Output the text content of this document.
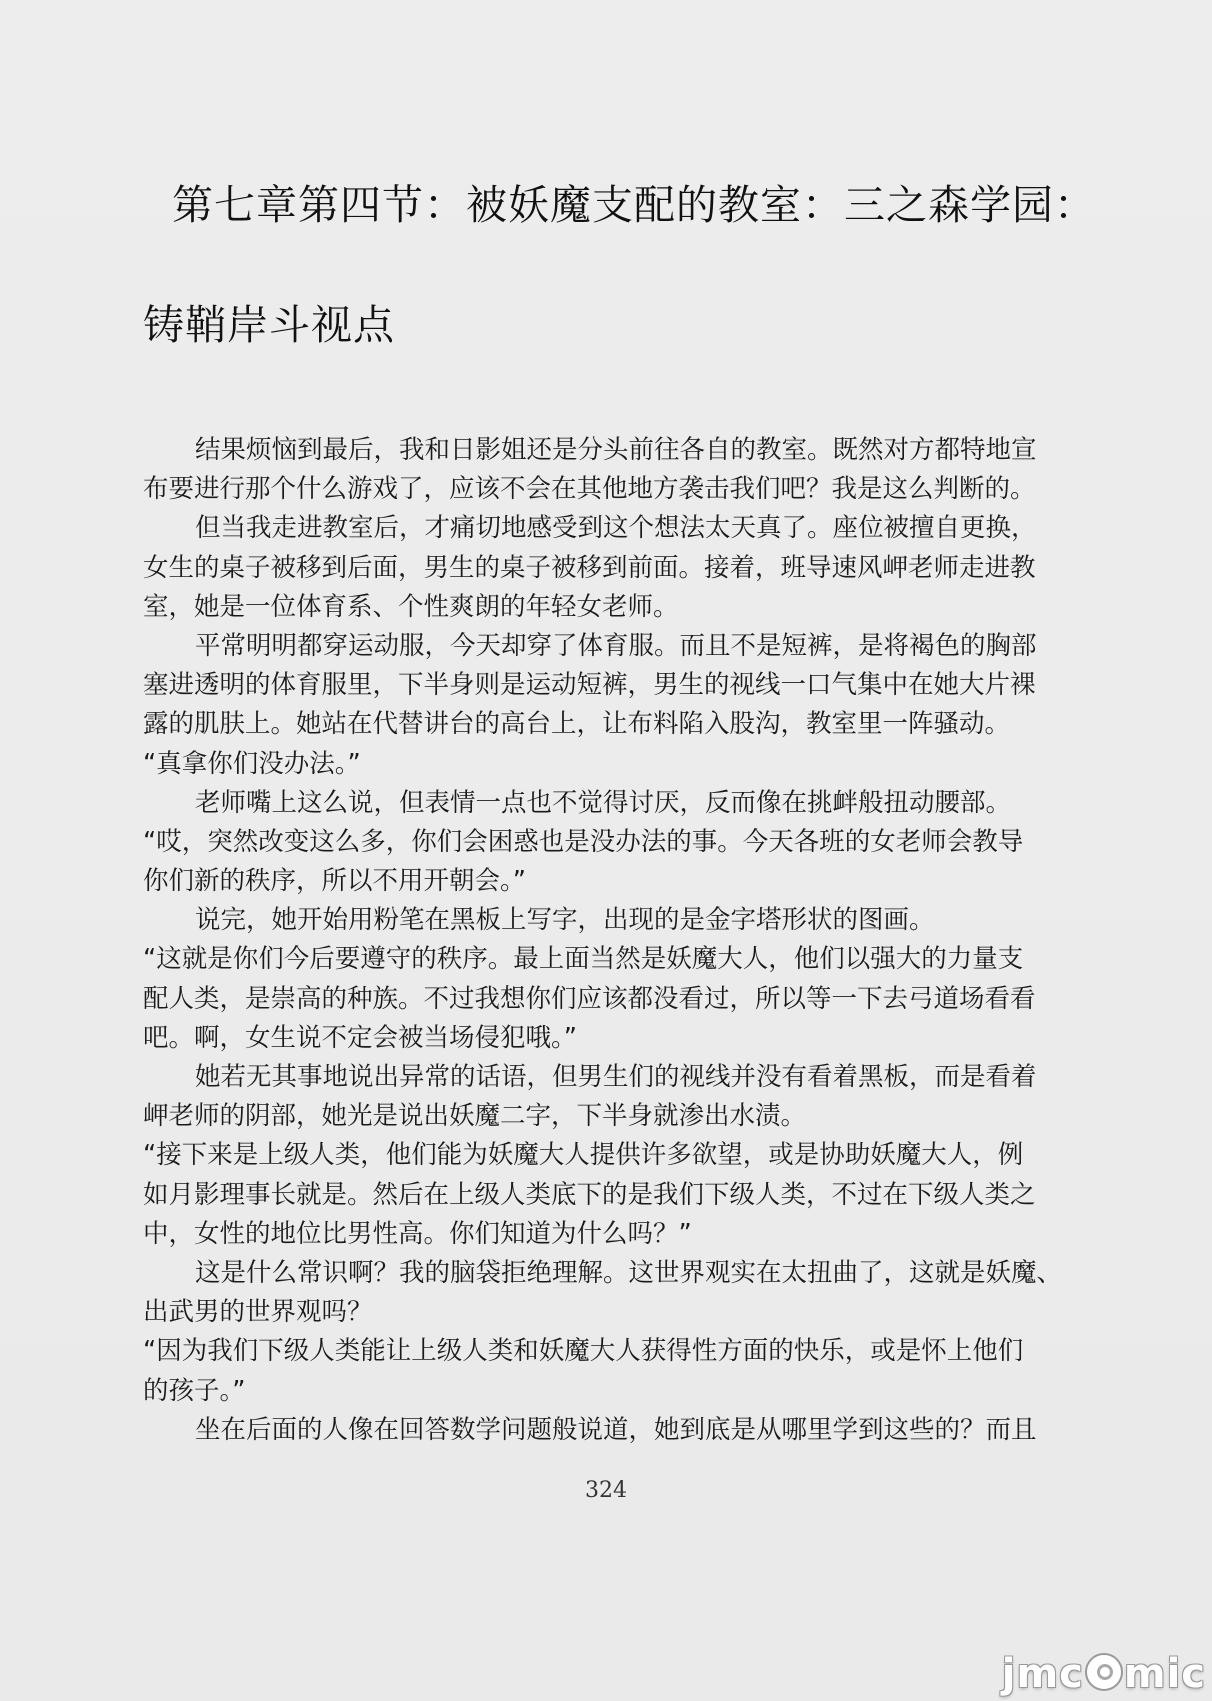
第七章第四节：被妖魔支配的教室：三之森学园：
铸鞘岸斗视点
结果烦恼到最后，我和日影姐还是分头前往各自的教室。既然对方都特地宣
布要进行那个什么游戏了，应该不会在其他地方袭击我们吧？我是这么判断的。
但当我走进教室后，才痛切地感受到这个想法太天真了。座位被擅自更换，
女生的桌子被移到后面，男生的桌子被移到前面。接着，班导速风岬老师走进教
室，她是一位体育系、个性爽朗的年轻女老师。
平常明明都穿运动服，今天却穿了体育服。而且不是短裤，是将褐色的胸部
塞进透明的体育服里，下半身则是运动短裤，男生的视线一口气集中在她大片裸
露的肌肤上。她站在代替讲台的高台上，让布料陷入股沟，教室里一阵骚动。
“真拿你们没办法。”
老师嘴上这么说，但表情一点也不觉得讨厌，反而像在挑衅般扭动腰部。
“哎，突然改变这么多，你们会困惑也是没办法的事。今天各班的女老师会教导
你们新的秩序，所以不用开朝会。”
说完，她开始用粉笔在黑板上写字，出现的是金字塔形状的图画。
“这就是你们今后要遵守的秩序。最上面当然是妖魔大人，他们以强大的力量支
配人类，是崇高的种族。不过我想你们应该都没看过，所以等一下去弓道场看看
吧。啊，女生说不定会被当场侵犯哦。”
她若无其事地说出异常的话语，但男生们的视线并没有看着黑板，而是看着
岬老师的阴部，她光是说出妖魔二字，下半身就渗出水渍。
“接下来是上级人类，他们能为妖魔大人提供许多欲望，或是协助妖魔大人，例
如月影理事长就是。然后在上级人类底下的是我们下级人类，不过在下级人类之
中，女性的地位比男性高。你们知道为什么吗？”
这是什么常识啊？我的脑袋拒绝理解。这世界观实在太扭曲了，这就是妖魔、
出武男的世界观吗？
“因为我们下级人类能让上级人类和妖魔大人获得性方面的快乐，或是怀上他们
的孩子。”
坐在后面的人像在回答数学问题般说道，她到底是从哪里学到这些的？而且
324
jmc mic
